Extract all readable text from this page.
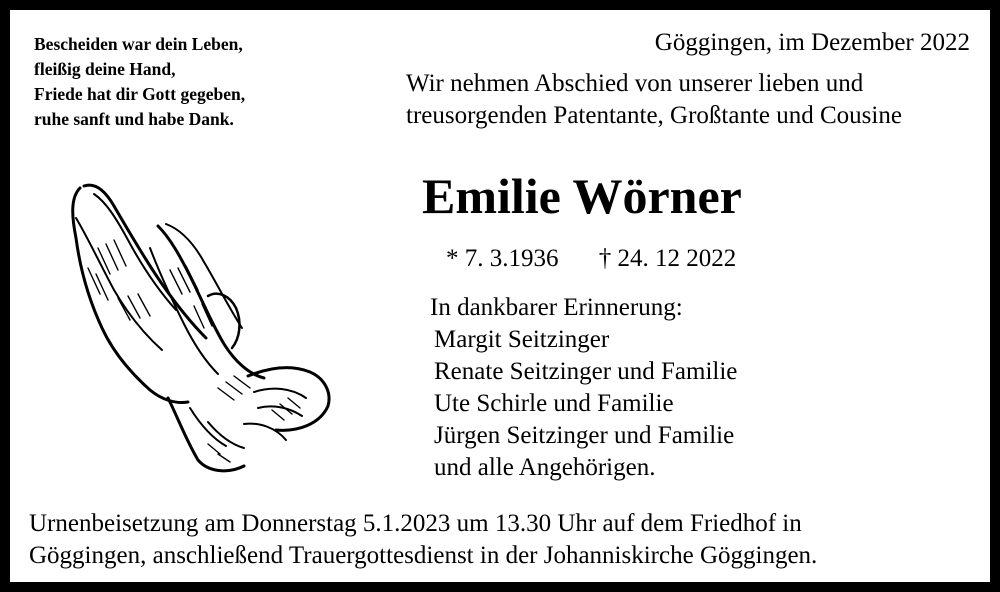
Bescheiden war dein Leben,
fleißig deine Hand,
Friede hat dir Gott gegeben,
ruhe sanft und habe Dank.
Göggingen, im Dezember 2022
Wir nehmen Abschied von unserer lieben und
treusorgenden Patentante, Großtante und Cousine
Emilie Wörner
* 7. 3.1936 † 24. 12 2022
In dankbarer Erinnerung:
Margit Seitzinger
Renate Seitzinger und Familie
Ute Schirle und Familie
Jürgen Seitzinger und Familie
und alle Angehörigen.
Urnenbeisetzung am Donnerstag 5.1.2023 um 13.30 Uhr auf dem Friedhof in
Göggingen, anschließend Trauergottesdienst in der Johanniskirche Göggingen.
